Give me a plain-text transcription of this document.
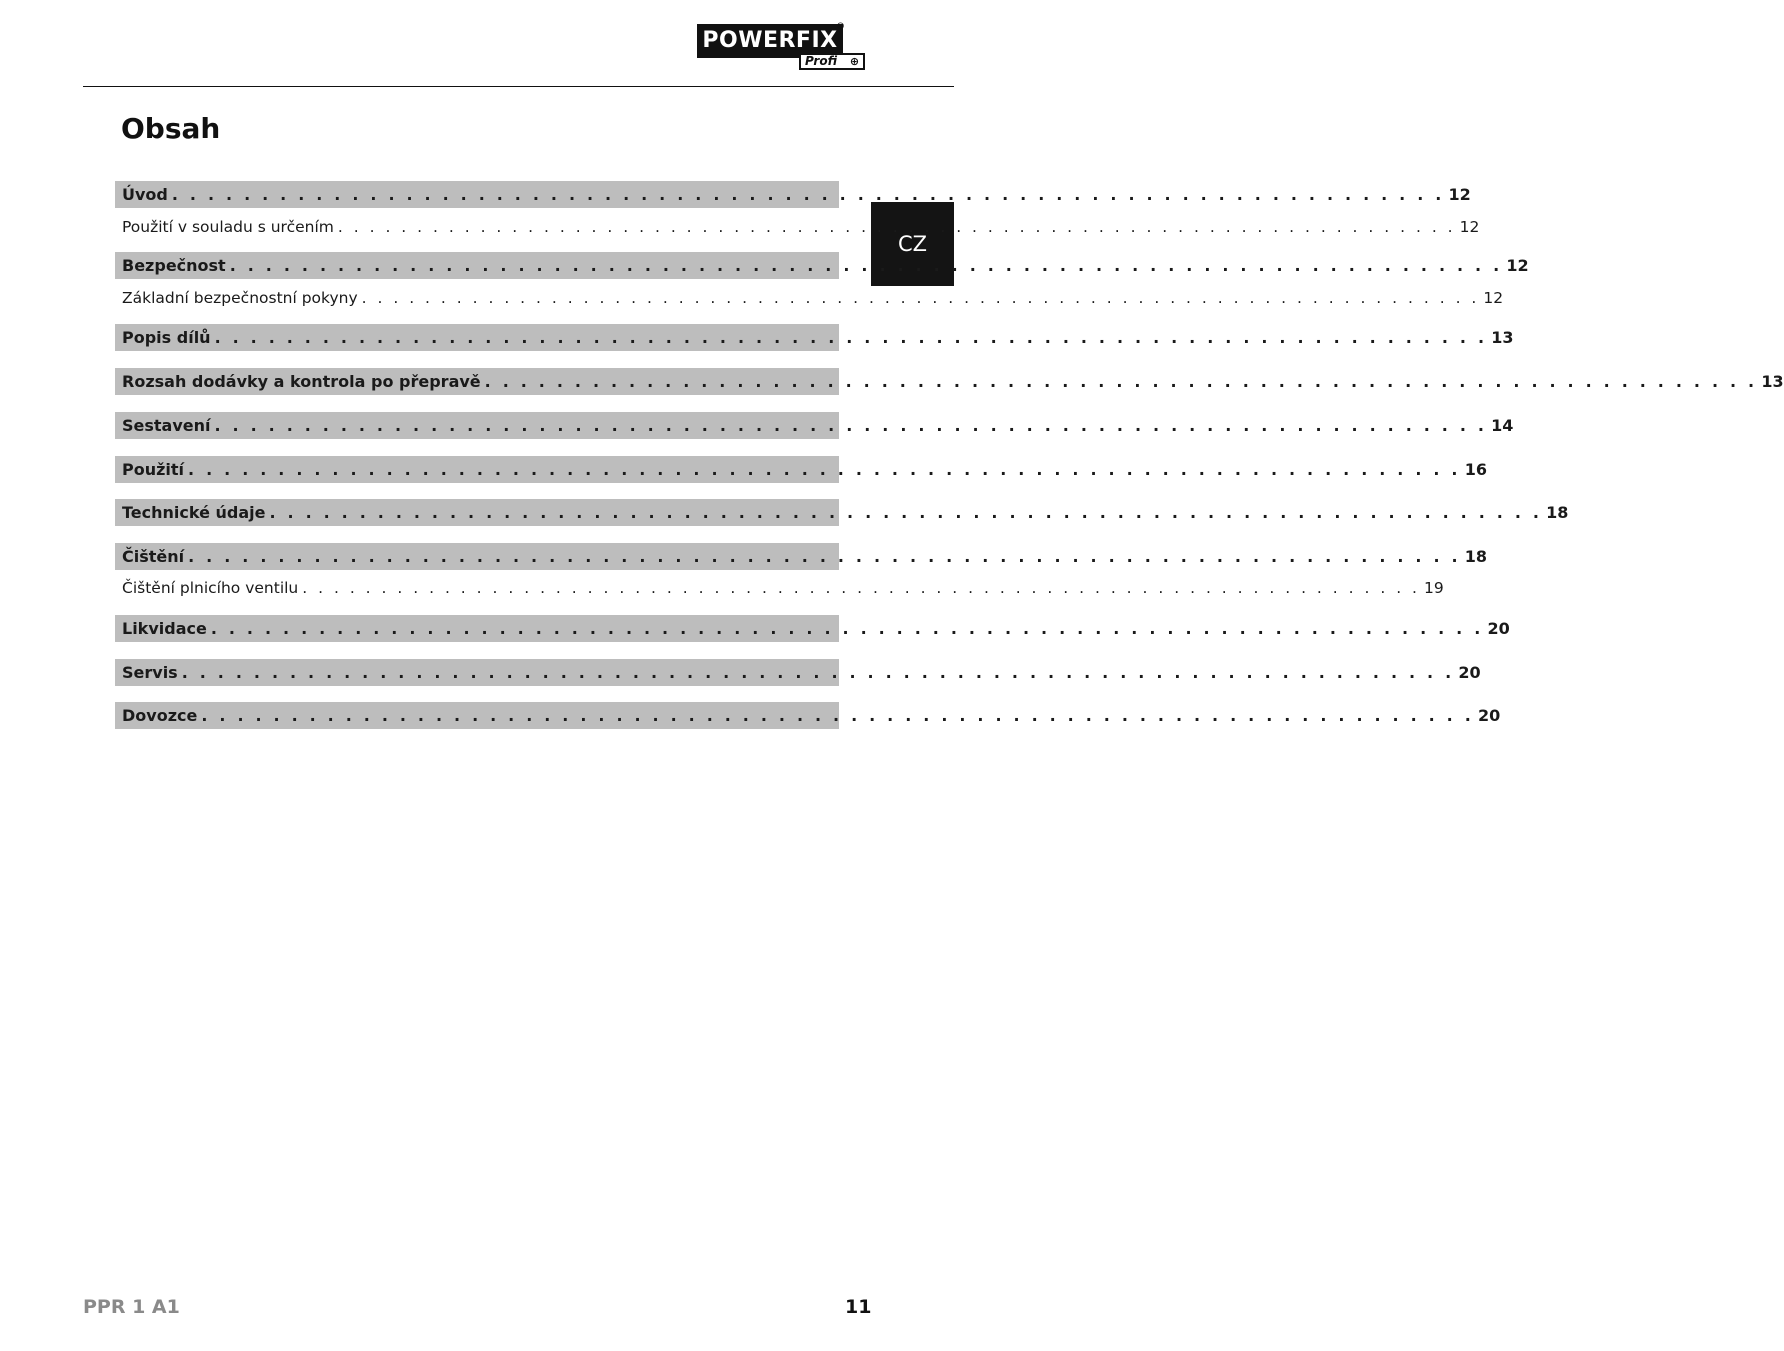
POWERFIX
®
Profi ⊕
Obsah
CZ
Úvod . . . . . . . . . . . . . . . . . . . . . . . . . . . . . . . . . . . . . . . . . . . . . . . . . . . . . . . . . . . . . . . . . . . . . . . 12
Použití v souladu s určením . . . . . . . . . . . . . . . . . . . . . . . . . . . . . . . . . . . . . . . . . . . . . . . . . . . . . . . . . . . . . . . . . . . . . . . 12
Bezpečnost . . . . . . . . . . . . . . . . . . . . . . . . . . . . . . . . . . . . . . . . . . . . . . . . . . . . . . . . . . . . . . . . . . . . . . . 12
Základní bezpečnostní pokyny . . . . . . . . . . . . . . . . . . . . . . . . . . . . . . . . . . . . . . . . . . . . . . . . . . . . . . . . . . . . . . . . . . . . . . . 12
Popis dílů . . . . . . . . . . . . . . . . . . . . . . . . . . . . . . . . . . . . . . . . . . . . . . . . . . . . . . . . . . . . . . . . . . . . . . . 13
Rozsah dodávky a kontrola po přepravě . . . . . . . . . . . . . . . . . . . . . . . . . . . . . . . . . . . . . . . . . . . . . . . . . . . . . . . . . . . . . . . . . . . . . . . 13
Sestavení . . . . . . . . . . . . . . . . . . . . . . . . . . . . . . . . . . . . . . . . . . . . . . . . . . . . . . . . . . . . . . . . . . . . . . . 14
Použití . . . . . . . . . . . . . . . . . . . . . . . . . . . . . . . . . . . . . . . . . . . . . . . . . . . . . . . . . . . . . . . . . . . . . . . 16
Technické údaje . . . . . . . . . . . . . . . . . . . . . . . . . . . . . . . . . . . . . . . . . . . . . . . . . . . . . . . . . . . . . . . . . . . . . . . 18
Čištění . . . . . . . . . . . . . . . . . . . . . . . . . . . . . . . . . . . . . . . . . . . . . . . . . . . . . . . . . . . . . . . . . . . . . . . 18
Čištění plnicího ventilu . . . . . . . . . . . . . . . . . . . . . . . . . . . . . . . . . . . . . . . . . . . . . . . . . . . . . . . . . . . . . . . . . . . . . . . 19
Likvidace . . . . . . . . . . . . . . . . . . . . . . . . . . . . . . . . . . . . . . . . . . . . . . . . . . . . . . . . . . . . . . . . . . . . . . . 20
Servis . . . . . . . . . . . . . . . . . . . . . . . . . . . . . . . . . . . . . . . . . . . . . . . . . . . . . . . . . . . . . . . . . . . . . . . 20
Dovozce . . . . . . . . . . . . . . . . . . . . . . . . . . . . . . . . . . . . . . . . . . . . . . . . . . . . . . . . . . . . . . . . . . . . . . . 20
PPR 1 A1	11
